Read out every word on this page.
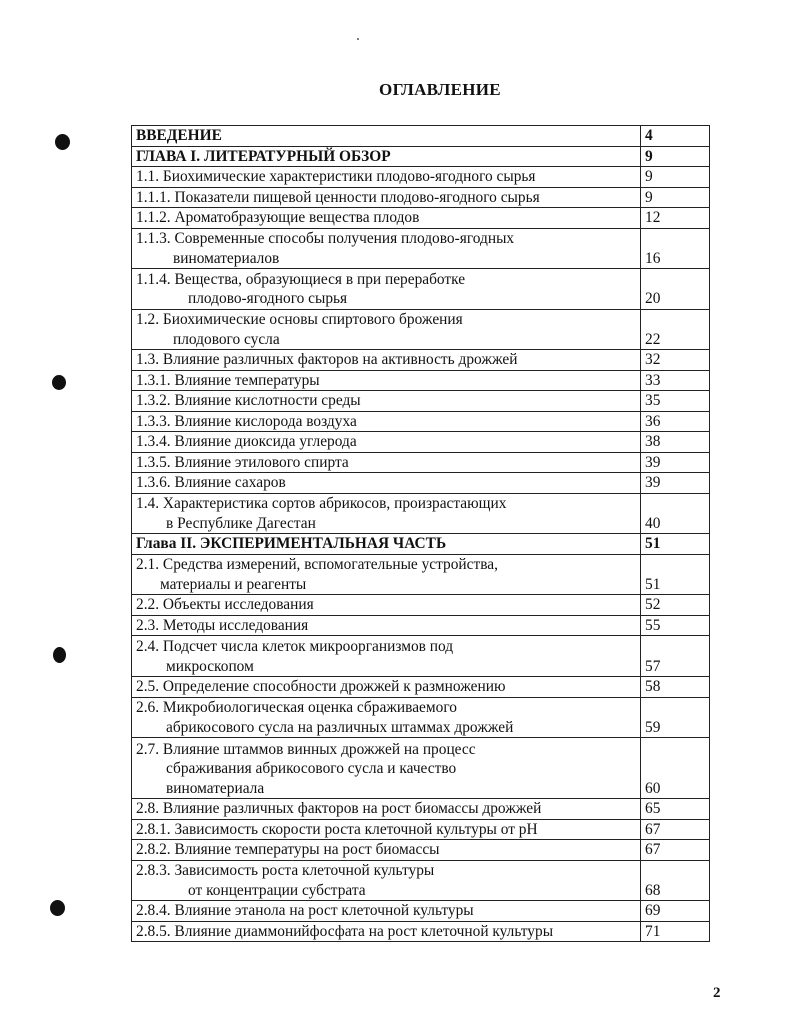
ОГЛАВЛЕНИЕ
ВВЕДЕНИЕ	4

ГЛАВА I. ЛИТЕРАТУРНЫЙ ОБЗОР	9

1.1. Биохимические характеристики плодово-ягодного сырья	9

1.1.1. Показатели пищевой ценности плодово-ягодного сырья	9

1.1.2. Ароматобразующие вещества плодов	12

1.1.3. Современные способы получения плодово-ягодных
виноматериалов	16

1.1.4. Вещества, образующиеся в при переработке
плодово-ягодного сырья	20

1.2. Биохимические основы спиртового брожения
плодового сусла	22

1.3. Влияние различных факторов на активность дрожжей	32

1.3.1. Влияние температуры	33

1.3.2. Влияние кислотности среды	35

1.3.3. Влияние кислорода воздуха	36

1.3.4. Влияние диоксида углерода	38

1.3.5. Влияние этилового спирта	39

1.3.6. Влияние сахаров	39

1.4. Характеристика сортов абрикосов, произрастающих
в Республике Дагестан	40

Глава II. ЭКСПЕРИМЕНТАЛЬНАЯ ЧАСТЬ	51

2.1. Средства измерений, вспомогательные устройства,
материалы и реагенты	51

2.2. Объекты исследования	52

2.3. Методы исследования	55

2.4. Подсчет числа клеток микроорганизмов под
микроскопом	57

2.5. Определение способности дрожжей к размножению	58

2.6. Микробиологическая оценка сбраживаемого
абрикосового сусла на различных штаммах дрожжей	59

2.7. Влияние штаммов винных дрожжей на процесс
сбраживания абрикосового сусла и качество
виноматериала	60

2.8. Влияние различных факторов на рост биомассы дрожжей	65

2.8.1. Зависимость скорости роста клеточной культуры от рН	67

2.8.2. Влияние температуры на рост биомассы	67

2.8.3. Зависимость роста клеточной культуры
от концентрации субстрата	68

2.8.4. Влияние этанола на рост клеточной культуры	69

2.8.5. Влияние диаммонийфосфата на рост клеточной культуры	71
2
